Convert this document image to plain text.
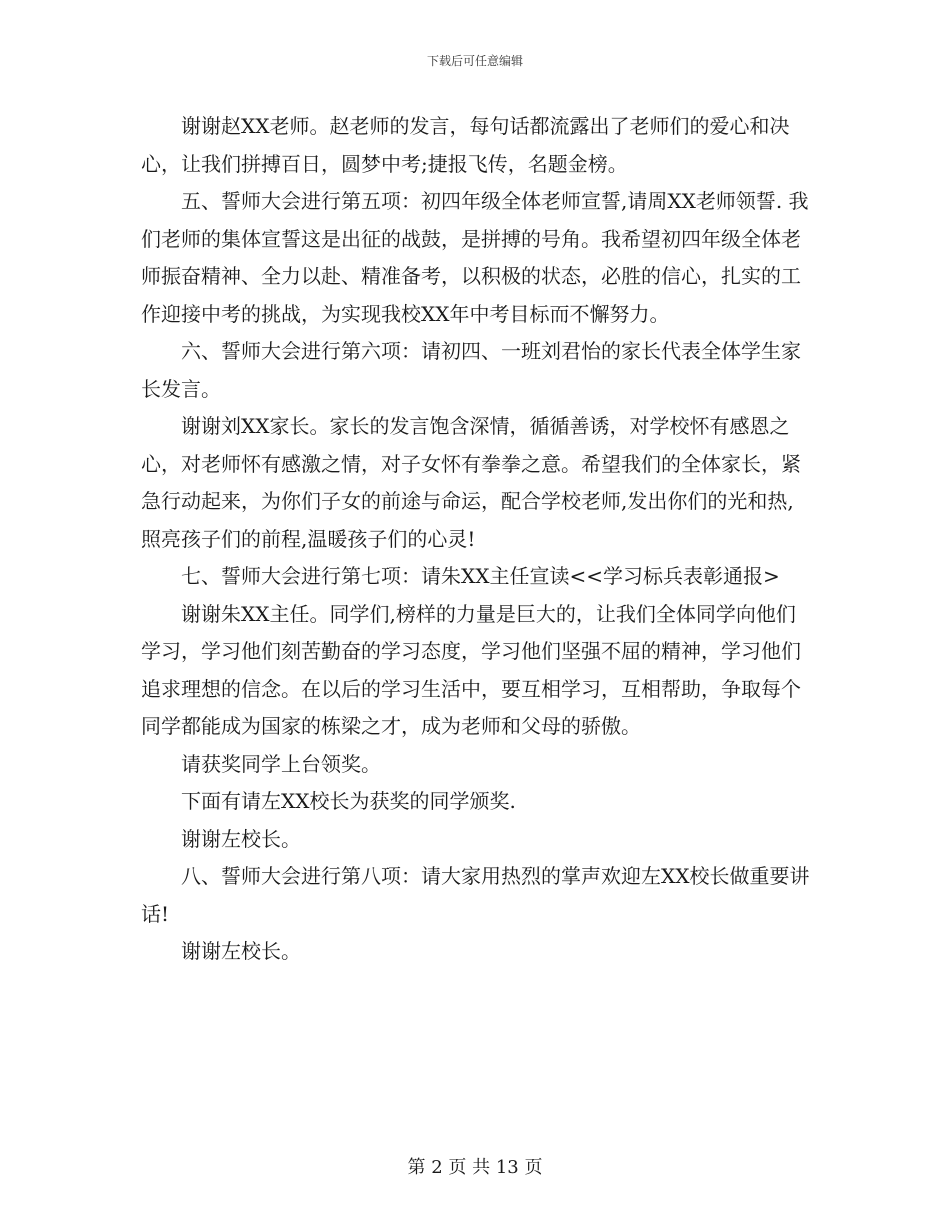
下载后可任意编辑

谢谢赵XX老师。赵老师的发言，每句话都流露出了老师们的爱心和决心，让我们拼搏百日，圆梦中考;捷报飞传，名题金榜。

五、誓师大会进行第五项：初四年级全体老师宣誓,请周XX老师领誓. 我们老师的集体宣誓这是出征的战鼓，是拼搏的号角。我希望初四年级全体老师振奋精神、全力以赴、精准备考，以积极的状态，必胜的信心，扎实的工作迎接中考的挑战，为实现我校XX年中考目标而不懈努力。

六、誓师大会进行第六项：请初四、一班刘君怡的家长代表全体学生家长发言。

谢谢刘XX家长。家长的发言饱含深情，循循善诱，对学校怀有感恩之心，对老师怀有感激之情，对子女怀有拳拳之意。希望我们的全体家长，紧急行动起来，为你们子女的前途与命运，配合学校老师,发出你们的光和热,照亮孩子们的前程,温暖孩子们的心灵!

七、誓师大会进行第七项：请朱XX主任宣读<<学习标兵表彰通报>

谢谢朱XX主任。同学们,榜样的力量是巨大的，让我们全体同学向他们学习，学习他们刻苦勤奋的学习态度，学习他们坚强不屈的精神，学习他们追求理想的信念。在以后的学习生活中，要互相学习，互相帮助，争取每个同学都能成为国家的栋梁之才，成为老师和父母的骄傲。

请获奖同学上台领奖。

下面有请左XX校长为获奖的同学颁奖.

谢谢左校长。

八、誓师大会进行第八项：请大家用热烈的掌声欢迎左XX校长做重要讲话!

谢谢左校长。

第 2 页 共 13 页
